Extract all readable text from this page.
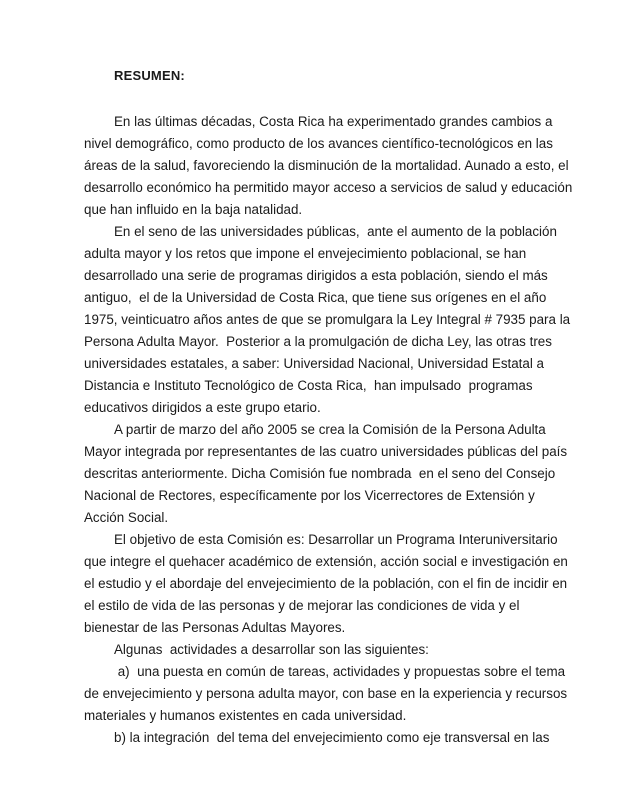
RESUMEN:
En las últimas décadas, Costa Rica ha experimentado grandes cambios a
nivel demográfico, como producto de los avances científico-tecnológicos en las
áreas de la salud, favoreciendo la disminución de la mortalidad. Aunado a esto, el
desarrollo económico ha permitido mayor acceso a servicios de salud y educación
que han influido en la baja natalidad.
En el seno de las universidades públicas,  ante el aumento de la población
adulta mayor y los retos que impone el envejecimiento poblacional, se han
desarrollado una serie de programas dirigidos a esta población, siendo el más
antiguo,  el de la Universidad de Costa Rica, que tiene sus orígenes en el año
1975, veinticuatro años antes de que se promulgara la Ley Integral # 7935 para la
Persona Adulta Mayor.  Posterior a la promulgación de dicha Ley, las otras tres
universidades estatales, a saber: Universidad Nacional, Universidad Estatal a
Distancia e Instituto Tecnológico de Costa Rica,  han impulsado  programas
educativos dirigidos a este grupo etario.
A partir de marzo del año 2005 se crea la Comisión de la Persona Adulta
Mayor integrada por representantes de las cuatro universidades públicas del país
descritas anteriormente. Dicha Comisión fue nombrada  en el seno del Consejo
Nacional de Rectores, específicamente por los Vicerrectores de Extensión y
Acción Social.
El objetivo de esta Comisión es: Desarrollar un Programa Interuniversitario
que integre el quehacer académico de extensión, acción social e investigación en
el estudio y el abordaje del envejecimiento de la población, con el fin de incidir en
el estilo de vida de las personas y de mejorar las condiciones de vida y el
bienestar de las Personas Adultas Mayores.
Algunas  actividades a desarrollar son las siguientes:
a)  una puesta en común de tareas, actividades y propuestas sobre el tema
de envejecimiento y persona adulta mayor, con base en la experiencia y recursos
materiales y humanos existentes en cada universidad.
b) la integración  del tema del envejecimiento como eje transversal en las
